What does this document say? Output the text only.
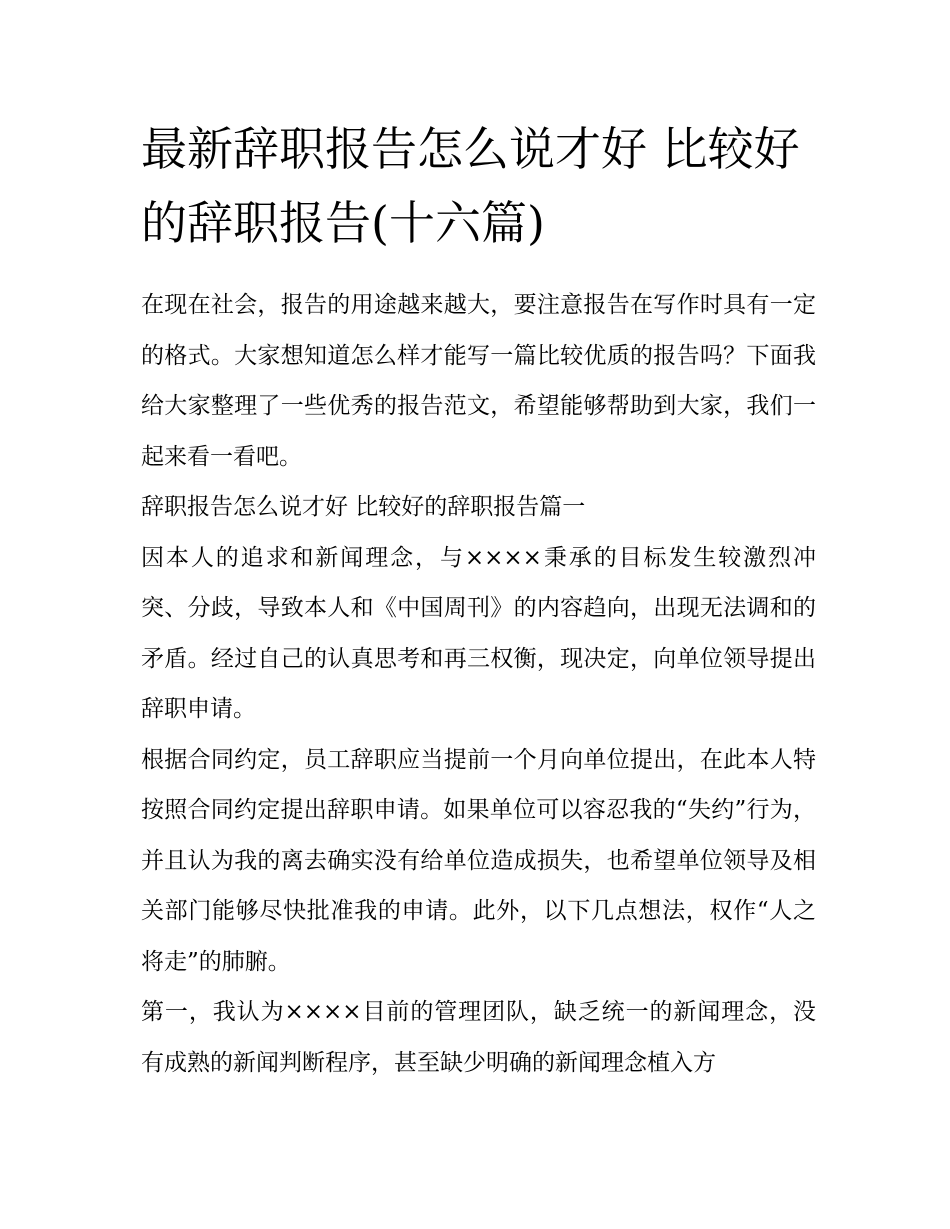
最新辞职报告怎么说才好 比较好的辞职报告(十六篇)

在现在社会，报告的用途越来越大，要注意报告在写作时具有一定的格式。大家想知道怎么样才能写一篇比较优质的报告吗？下面我给大家整理了一些优秀的报告范文，希望能够帮助到大家，我们一起来看一看吧。

辞职报告怎么说才好 比较好的辞职报告篇一

因本人的追求和新闻理念，与××××秉承的目标发生较激烈冲突、分歧，导致本人和《中国周刊》的内容趋向，出现无法调和的矛盾。经过自己的认真思考和再三权衡，现决定，向单位领导提出辞职申请。

根据合同约定，员工辞职应当提前一个月向单位提出，在此本人特按照合同约定提出辞职申请。如果单位可以容忍我的“失约”行为，并且认为我的离去确实没有给单位造成损失，也希望单位领导及相关部门能够尽快批准我的申请。此外，以下几点想法，权作“人之将走”的肺腑。

第一，我认为××××目前的管理团队，缺乏统一的新闻理念，没有成熟的新闻判断程序，甚至缺少明确的新闻理念植入方
